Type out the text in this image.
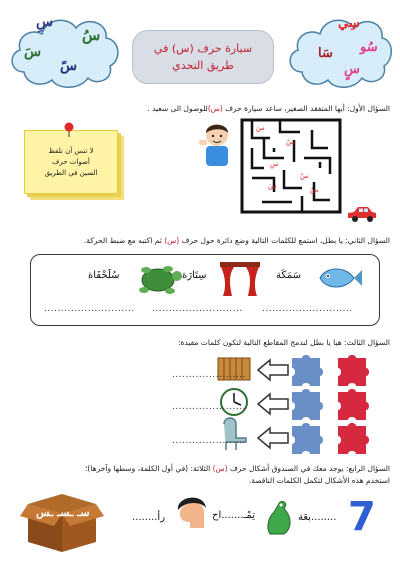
سِ
سُ
سَ
سً
سيارة حرف (س) في
طريق التحدي
سِي
سُو
سَا
سٍ
السؤال الأول: أيها المتفقد الصغير، ساعد سيارة حرف (س)للوصول الى سعيد .
لا تنس أن تلفظ
أصوات حرف
السين في الطريق
سَ
سُ
سِ
سٌ
سَ	سُ
السؤال الثاني: يا بطل، استمع للكلمات التالية وضع دائرة حول حرف (س) ثم اكتبه مع ضبط الحركة.
سُلَحْفَاة	سِتَارَة	سَمَكَة
........................... ........................... ...........................
السؤال الثالث: هيا يا بطل لندمج المقاطع التالية لتكون كلمات مفيدة:
......................
......................
......................
السؤال الرابع: يوجد معك في الصندوق أشكال حرف (س) الثلاثة: (في أول الكلمة، وسطها وآخرها)؛
استخدم هذه الأشكال لتكمل الكلمات الناقصة.
سـ ـسـ ـس	رأ........	تِمْـ.......اح	........بعَة 7
